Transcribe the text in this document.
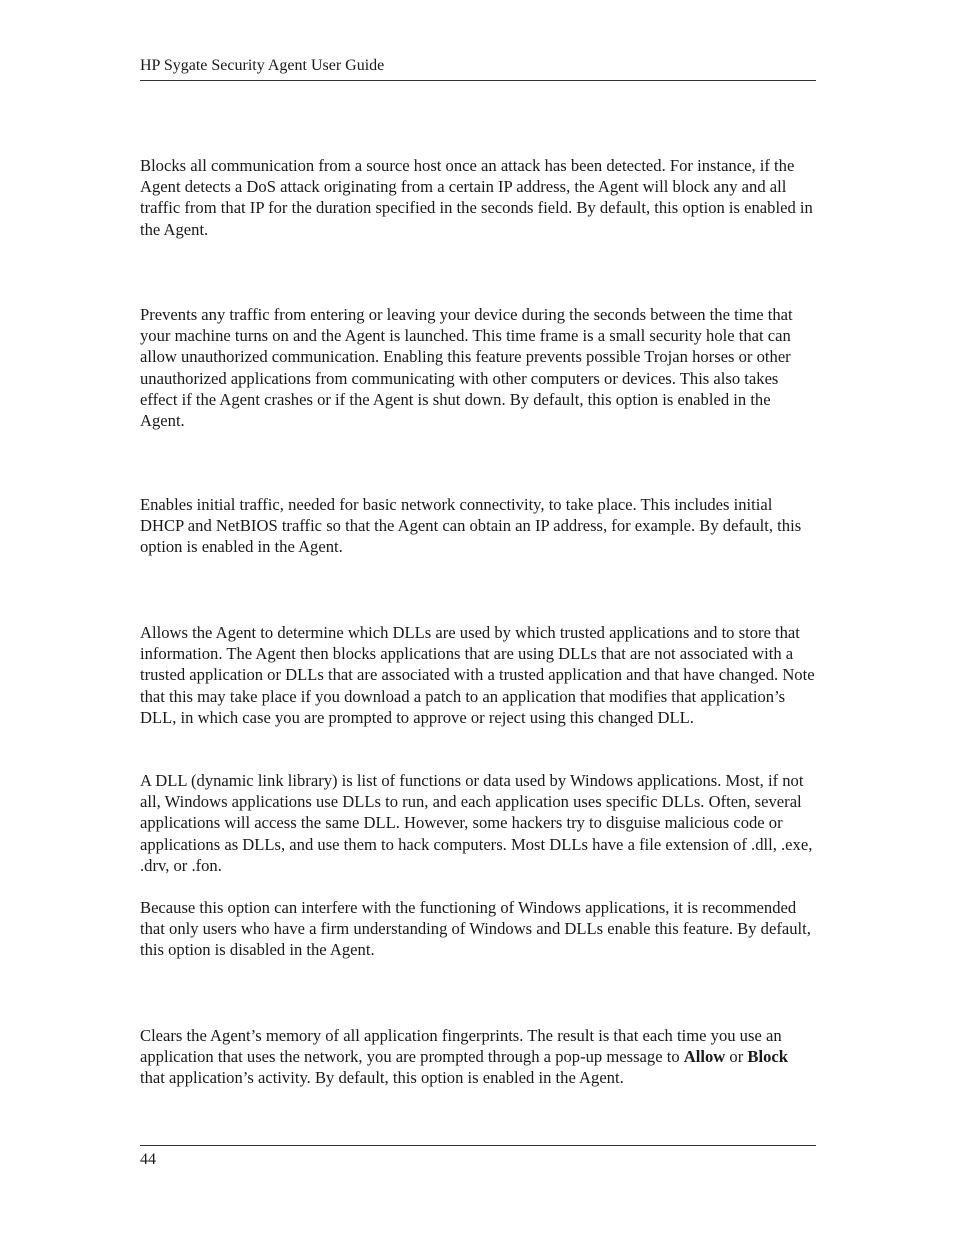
HP Sygate Security Agent User Guide

Blocks all communication from a source host once an attack has been detected. For instance, if the Agent detects a DoS attack originating from a certain IP address, the Agent will block any and all traffic from that IP for the duration specified in the seconds field. By default, this option is enabled in the Agent.

Prevents any traffic from entering or leaving your device during the seconds between the time that your machine turns on and the Agent is launched. This time frame is a small security hole that can allow unauthorized communication. Enabling this feature prevents possible Trojan horses or other unauthorized applications from communicating with other computers or devices. This also takes effect if the Agent crashes or if the Agent is shut down. By default, this option is enabled in the Agent.

Enables initial traffic, needed for basic network connectivity, to take place. This includes initial DHCP and NetBIOS traffic so that the Agent can obtain an IP address, for example. By default, this option is enabled in the Agent.

Allows the Agent to determine which DLLs are used by which trusted applications and to store that information. The Agent then blocks applications that are using DLLs that are not associated with a trusted application or DLLs that are associated with a trusted application and that have changed. Note that this may take place if you download a patch to an application that modifies that application’s DLL, in which case you are prompted to approve or reject using this changed DLL.

A DLL (dynamic link library) is list of functions or data used by Windows applications. Most, if not all, Windows applications use DLLs to run, and each application uses specific DLLs. Often, several applications will access the same DLL. However, some hackers try to disguise malicious code or applications as DLLs, and use them to hack computers. Most DLLs have a file extension of .dll, .exe, .drv, or .fon.

Because this option can interfere with the functioning of Windows applications, it is recommended that only users who have a firm understanding of Windows and DLLs enable this feature. By default, this option is disabled in the Agent.

Clears the Agent’s memory of all application fingerprints. The result is that each time you use an application that uses the network, you are prompted through a pop-up message to Allow or Block that application’s activity. By default, this option is enabled in the Agent.

44
